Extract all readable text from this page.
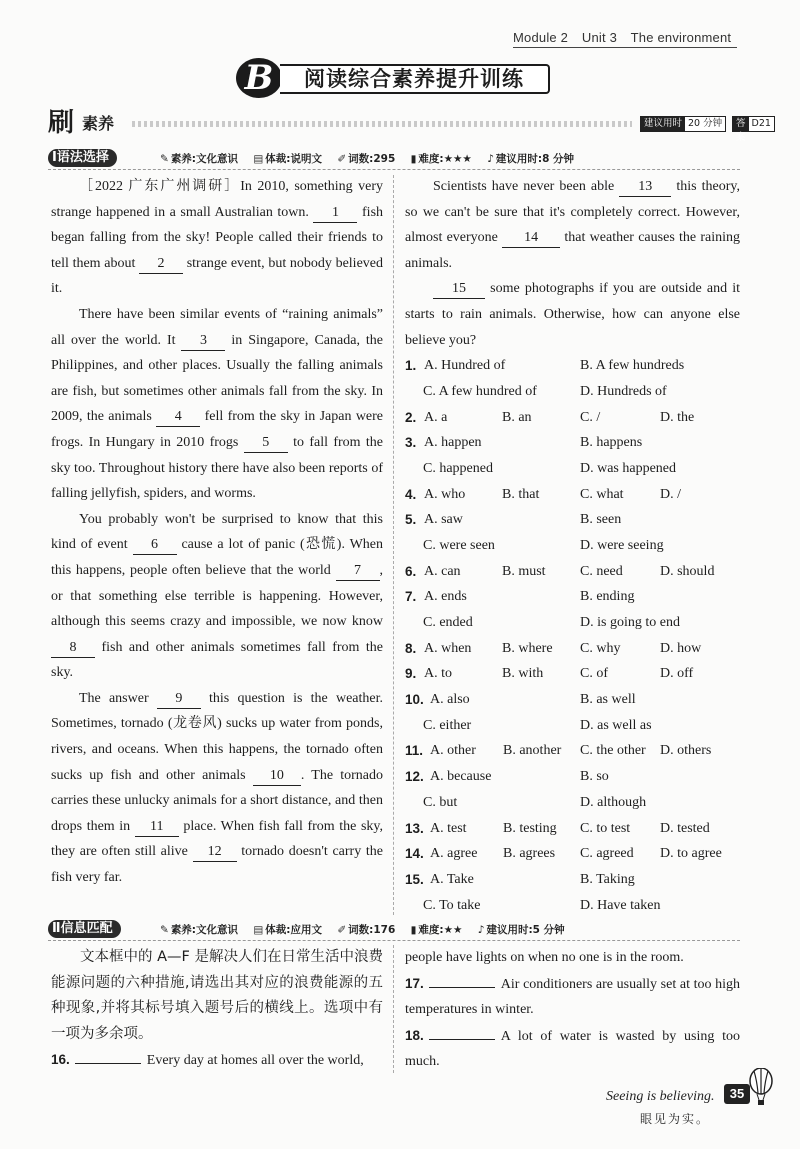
Module 2 Unit 3 The environment
B	阅读综合素养提升训练
刷 素养	建议用时 20 分钟	答案
D21
Ⅰ语法选择	✎ 素养:文化意识 ▤ 体裁:说明文 ✐ 词数:295 ▮ 难度:★★★ ♪ 建议用时:8 分钟

［2022 广东广州调研］In 2010, something very strange happened in a small Australian town. 1 fish began falling from the sky! People called their friends to tell them about 2 strange event, but nobody believed it.

There have been similar events of “raining animals” all over the world. It 3 in Singapore, Canada, the Philippines, and other places. Usually the falling animals are fish, but sometimes other animals fall from the sky. In 2009, the animals 4 fell from the sky in Japan were frogs. In Hungary in 2010 frogs 5 to fall from the sky too. Throughout history there have also been reports of falling jellyfish, spiders, and worms.

You probably won't be surprised to know that this kind of event 6 cause a lot of panic (恐慌). When this happens, people often believe that the world 7 , or that something else terrible is happening. However, although this seems crazy and impossible, we now know 8 fish and other animals sometimes fall from the sky.

The answer 9 this question is the weather. Sometimes, tornado (龙卷风) sucks up water from ponds, rivers, and oceans. When this happens, the tornado often sucks up fish and other animals 10 . The tornado carries these unlucky animals for a short distance, and then drops them in 11 place. When fish fall from the sky, they are often still alive 12 tornado doesn't carry the fish very far.

Scientists have never been able 13 this theory, so we can't be sure that it's completely correct. However, almost everyone 14 that weather causes the raining animals.

15 some photographs if you are outside and it starts to rain animals. Otherwise, how can anyone else believe you?

1. A. Hundred of	B. A few hundreds
C. A few hundred of	D. Hundreds of
2. A. a	B. an	C. /	D. the
3. A. happen	B. happens
C. happened	D. was happened
4. A. who	B. that	C. what	D. /
5. A. saw	B. seen
C. were seen	D. were seeing
6. A. can	B. must C. need	D. should
7. A. ends	B. ending
C. ended	D. is going to end
8. A. when B. where C. why	D. how
9. A. to	B. with	C. of	D. off
10. A. also	B. as well
C. either	D. as well as
11. A. other B. another C. the other D. others
12. A. because	B. so
C. but	D. although
13. A. test	B. testing C. to test D. tested
14. A. agree B. agrees C. agreed D. to agree
15. A. Take	B. Taking
C. To take	D. Have taken
Ⅱ信息匹配	✎ 素养:文化意识 ▤ 体裁:应用文 ✐ 词数:176 ▮ 难度:★★ ♪ 建议用时:5 分钟
文本框中的 A—F 是解决人们在日常生活中浪费能源问题的六种措施,请选出其对应的浪费能源的五种现象,并将其标号填入题号后的横线上。选项中有一项为多余项。
16.	Every day at homes all over the world,
people have lights on when no one is in the room.
17.	Air conditioners are usually set at too high temperatures in winter.
18.	A lot of water is wasted by using too much.
Seeing is believing.
眼见为实。
35
